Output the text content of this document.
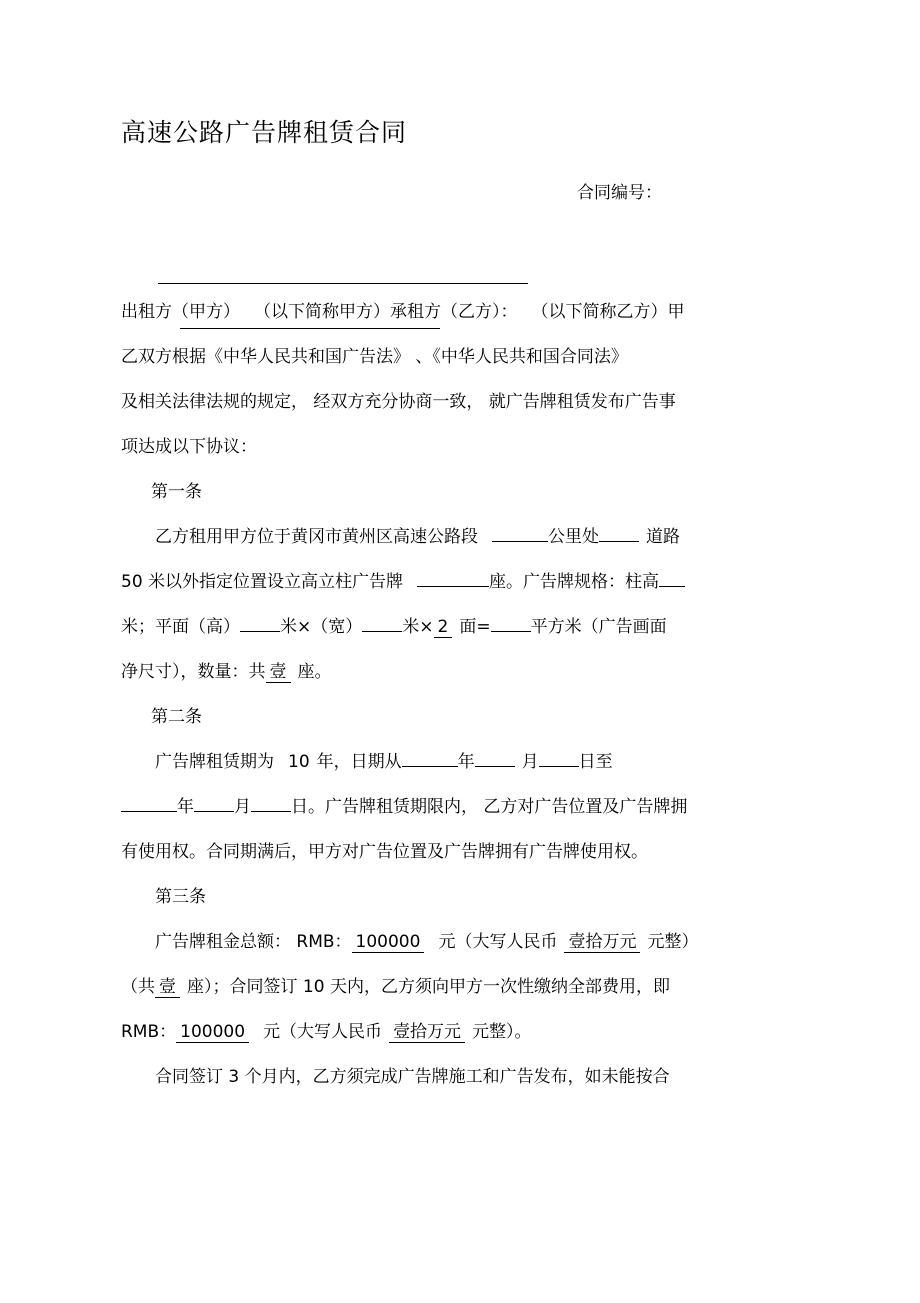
高速公路广告牌租赁合同
合同编号：
出租方（甲方） （以下简称甲方）承租方（乙方）： （以下简称乙方）甲
乙双方根据《中华人民共和国广告法》 、《中华人民共和国合同法》
及相关法律法规的规定， 经双方充分协商一致， 就广告牌租赁发布广告事
项达成以下协议：
第一条
乙方租用甲方位于黄冈市黄州区高速公路段	公里处	道路
50 米以外指定位置设立高立柱广告牌	座。广告牌规格：柱高
米；平面（高） 米×（宽） 米× 2 面= 平方米（广告画面
净尺寸），数量：共 壹 座。
第二条
广告牌租赁期为 10 年，日期从	年	月 日至
年 月 日。广告牌租赁期限内， 乙方对广告位置及广告牌拥
有使用权。合同期满后，甲方对广告位置及广告牌拥有广告牌使用权。
第三条
广告牌租金总额： RMB： 100000 元（大写人民币 壹拾万元 元整）
（共 壹 座）；合同签订 10 天内，乙方须向甲方一次性缴纳全部费用，即
RMB： 100000 元（大写人民币 壹拾万元 元整）。
合同签订 3 个月内，乙方须完成广告牌施工和广告发布，如未能按合
